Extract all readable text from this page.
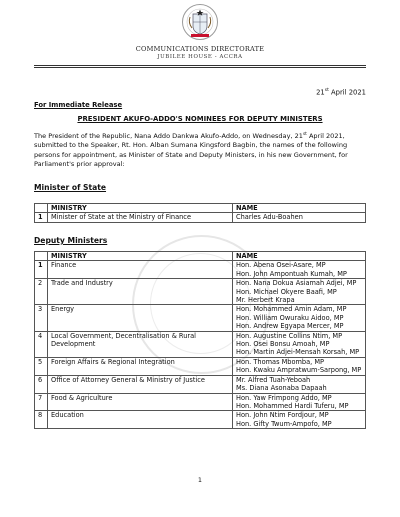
COMMUNICATIONS DIRECTORATE
JUBILEE HOUSE - ACCRA
21st April 2021
For Immediate Release
PRESIDENT AKUFO-ADDO'S NOMINEES FOR DEPUTY MINISTERS
The President of the Republic, Nana Addo Dankwa Akufo-Addo, on Wednesday, 21st April 2021, submitted to the Speaker, Rt. Hon. Alban Sumana Kingsford Bagbin, the names of the following persons for appointment, as Minister of State and Deputy Ministers, in his new Government, for Parliament's prior approval:
Minister of State
	MINISTRY	NAME
1	Minister of State at the Ministry of Finance	Charles Adu-Boahen
Deputy Ministers
	MINISTRY	NAME
1	Finance	Hon. Abena Osei-Asare, MP
Hon. John Ampontuah Kumah, MP

2	Trade and Industry	Hon. Nana Dokua Asiamah Adjei, MP
Hon. Michael Okyere Baafi, MP
Mr. Herbert Krapa

3	Energy	Hon. Mohammed Amin Adam, MP
Hon. William Owuraku Aidoo, MP
Hon. Andrew Egyapa Mercer, MP

4	Local Government, Decentralisation & Rural Development	Hon. Augustine Collins Ntim, MP
Hon. Osei Bonsu Amoah, MP
Hon. Martin Adjei-Mensah Korsah, MP

5	Foreign Affairs & Regional Integration	Hon. Thomas Mbomba, MP
Hon. Kwaku Ampratwum-Sarpong, MP

6	Office of Attorney General & Ministry of Justice	Mr. Alfred Tuah-Yeboah
Ms. Diana Asonaba Dapaah

7	Food & Agriculture	Hon. Yaw Frimpong Addo, MP
Hon. Mohammed Hardi Tuferu, MP

8	Education	Hon. John Ntim Fordjour, MP
Hon. Gifty Twum-Ampofo, MP
1
